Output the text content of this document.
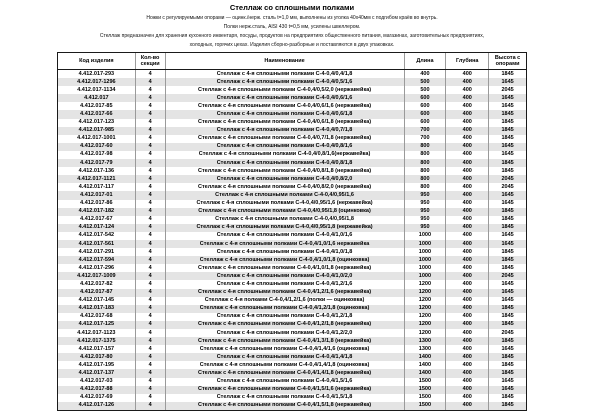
Стеллаж со сплошными полками
Ножки с регулируемыми опорами — оцинк./нерж. сталь t=1,0 мм, выполнены из уголка 40х40мм с подгибом краёв во внутрь.
Полки нерж.сталь, AISI 430 t=0,5 мм, усилены швеллером.
Стеллаж предназначен для хранения кухонного инвентаря, посуды, продуктов на предприятиях общественного питания, магазинах, заготовительных предприятиях,
холодных, горячих цехах. Изделия сборно-разборные и поставляются в двух упаковках.
Код изделия	Кол-во секции	Наименование	Длина	Глубина	Высота с опорами
4.412.017-293	4	Стеллаж с 4-я сплошными полками С-4-0,4/0,4/1,8	400	400	1845
4.412.017-1296	4	Стеллаж с 4-я сплошными полками С-4-0,4/0,5/1,6	500	400	1645
4.412.017-1134	4	Стеллаж с 4-я сплошными полками С-4-0,4/0,5/2,0 (нержавейка)	500	400	2045
4.412.017	4	Стеллаж с 4-я сплошными полками С-4-0,4/0,6/1,6	600	400	1645
4.412.017-85	4	Стеллаж с 4-я сплошными полками С-4-0,4/0,6/1,6 (нержавейка)	600	400	1645
4.412.017-66	4	Стеллаж с 4-я сплошными полками С-4-0,4/0,6/1,8	600	400	1845
4.412.017-123	4	Стеллаж с 4-я сплошными полками С-4-0,4/0,6/1,8 (нержавейка)	600	400	1845
4.412.017-985	4	Стеллаж с 4-я сплошными полками С-4-0,4/0,7/1,8	700	400	1845
4.412.017-1001	4	Стеллаж с 4-я сплошными полками С-4-0,4/0,7/1,8 (нержавейка)	700	400	1845
4.412.017-60	4	Стеллаж с 4-я сплошными полками С-4-0,4/0,8/1,6	800	400	1645
4.412.017-98	4	Стеллаж с 4-я сплошными полками С-4-0,4/0,8/1,6(нержавейка)	800	400	1645
4.412.017-79	4	Стеллаж с 4-я сплошными полками С-4-0,4/0,8/1,8	800	400	1845
4.412.017-136	4	Стеллаж с 4-я сплошными полками С-4-0,4/0,8/1,8 (нержавейка)	800	400	1845
4.412.017-1121	4	Стеллаж с 4-я сплошными полками С-4-0,4/0,8/2,0	800	400	2045
4.412.017-117	4	Стеллаж с 4-я сплошными полками С-4-0,4/0,8/2,0 (нержавейка)	800	400	2045
4.412.017-01	4	Стеллаж с 4-я сплошными полками С-4-0,4/0,95/1,6	950	400	1645
4.412.017-86	4	Стеллаж с 4-я сплошными полками С-4-0,4/0,95/1,6 (нержавейка)	950	400	1645
4.412.017-182	4	Стеллаж с 4-я сплошными полками С-4-0,4/0,95/1,8 (оцинковка)	950	400	1845
4.412.017-67	4	Стеллаж с 4-я сплошными полками С-4-0,4/0,95/1,8	950	400	1845
4.412.017-124	4	Стеллаж с 4-я сплошными полками С-4-0,4/0,95/1,8 (нержавейка)	950	400	1845
4.412.017-542	4	Стеллаж с 4-я сплошными полками С-4-0,4/1,0/1,6	1000	400	1645
4.412.017-561	4	Стеллаж с 4-я сплошными полками С-4-0,4/1,0/1,6 нержавейка	1000	400	1645
4.412.017-291	4	Стеллаж с 4-я сплошными полками С-4-0,4/1,0/1,8	1000	400	1845
4.412.017-594	4	Стеллаж с 4-я сплошными полками С-4-0,4/1,0/1,8 (оцинковка)	1000	400	1845
4.412.017-296	4	Стеллаж с 4-я сплошными полками С-4-0,4/1,0/1,8 (нержавейка)	1000	400	1845
4.412.017-1009	4	Стеллаж с 4-я сплошными полками С-4-0,4/1,0/2,0	1000	400	2045
4.412.017-82	4	Стеллаж с 4-я сплошными полками С-4-0,4/1,2/1,6	1200	400	1645
4.412.017-87	4	Стеллаж с 4-я сплошными полками С-4-0,4/1,2/1,6 (нержавейка)	1200	400	1645
4.412.017-145	4	Стеллаж с 4-я полками С-4-0,4/1,2/1,6 (полки — оцинковка)	1200	400	1645
4.412.017-183	4	Стеллаж с 4-я сплошными полками С-4-0,4/1,2/1,8 (оцинковка)	1200	400	1845
4.412.017-68	4	Стеллаж с 4-я сплошными полками С-4-0,4/1,2/1,8	1200	400	1845
4.412.017-125	4	Стеллаж с 4-я сплошными полками С-4-0,4/1,2/1,8 (нержавейка)	1200	400	1845
4.412.017-1123	4	Стеллаж с 4-я сплошными полками С-4-0,4/1,2/2,0	1200	400	2045
4.412.017-1375	4	Стеллаж с 4-я сплошными полками С-4-0,4/1,3/1,8 (нержавейка)	1300	400	1845
4.412.017-157	4	Стеллаж с 4-я сплошными полками С-4-0,4/1,4/1,6 (оцинковка)	1300	400	1645
4.412.017-80	4	Стеллаж с 4-я сплошными полками С-4-0,4/1,4/1,8	1400	400	1845
4.412.017-195	4	Стеллаж с 4-я сплошными полками С-4-0,4/1,4/1,8 (оцинковка)	1400	400	1845
4.412.017-137	4	Стеллаж с 4-я сплошными полками С-4-0,4/1,4/1,8 (нержавейка)	1400	400	1845
4.412.017-03	4	Стеллаж с 4-я сплошными полками С-4-0,4/1,5/1,6	1500	400	1645
4.412.017-88	4	Стеллаж с 4-я сплошными полками С-4-0,4/1,5/1,6 (нержавейка)	1500	400	1645
4.412.017-69	4	Стеллаж с 4-я сплошными полками С-4-0,4/1,5/1,8	1500	400	1845
4.412.017-126	4	Стеллаж с 4-я сплошными полками С-4-0,4/1,5/1,8 (нержавейка)	1500	400	1845
